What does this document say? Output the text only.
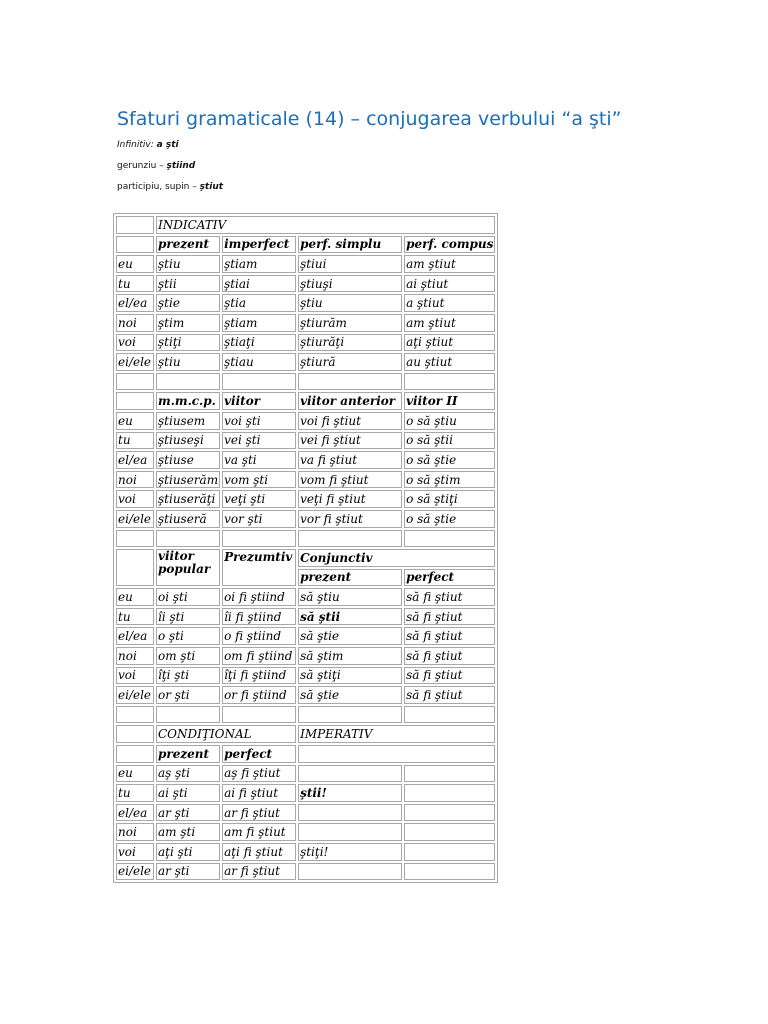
Sfaturi gramaticale (14) – conjugarea verbului “a şti”
Infinitiv: a şti
gerunziu – ştiind
participiu, supin – ştiut
	INDICATIV			
	prezent	imperfect	perf. simplu	perf. compus
eu	ştiu	ştiam	ştiui	am ştiut
tu	ştii	ştiai	ştiuşi	ai ştiut
el/ea	ştie	ştia	ştiu	a ştiut
noi	ştim	ştiam	ştiurăm	am ştiut
voi	ştiţi	ştiaţi	ştiurăţi	aţi ştiut
ei/ele	ştiu	ştiau	ştiură	au ştiut

	m.m.c.p.	viitor	viitor anterior	viitor II
eu	ştiusem	voi şti	voi fi ştiut	o să ştiu
tu	ştiuseşi	vei şti	vei fi ştiut	o să ştii
el/ea	ştiuse	va şti	va fi ştiut	o să ştie
noi	ştiuserăm	vom şti	vom fi ştiut	o să ştim
voi	ştiuserăţi	veţi şti	veţi fi ştiut	o să ştiţi
ei/ele	ştiuseră	vor şti	vor fi ştiut	o să ştie

	viitor popular	Prezumtiv	Conjunctiv	
			prezent	perfect
eu	oi şti	oi fi ştiind	să ştiu	să fi ştiut
tu	îi şti	îi fi ştiind	să ştii	să fi ştiut
el/ea	o şti	o fi ştiind	să ştie	să fi ştiut
noi	om şti	om fi ştiind	să ştim	să fi ştiut
voi	îţi şti	îţi fi ştiind	să ştiţi	să fi ştiut
ei/ele	or şti	or fi ştiind	să ştie	să fi ştiut

	CONDIŢIONAL		IMPERATIV	
	prezent	perfect		
eu	aş şti	aş fi ştiut		
tu	ai şti	ai fi ştiut	ştii!	
el/ea	ar şti	ar fi ştiut		
noi	am şti	am fi ştiut		
voi	aţi şti	aţi fi ştiut	ştiţi!	
ei/ele	ar şti	ar fi ştiut		
